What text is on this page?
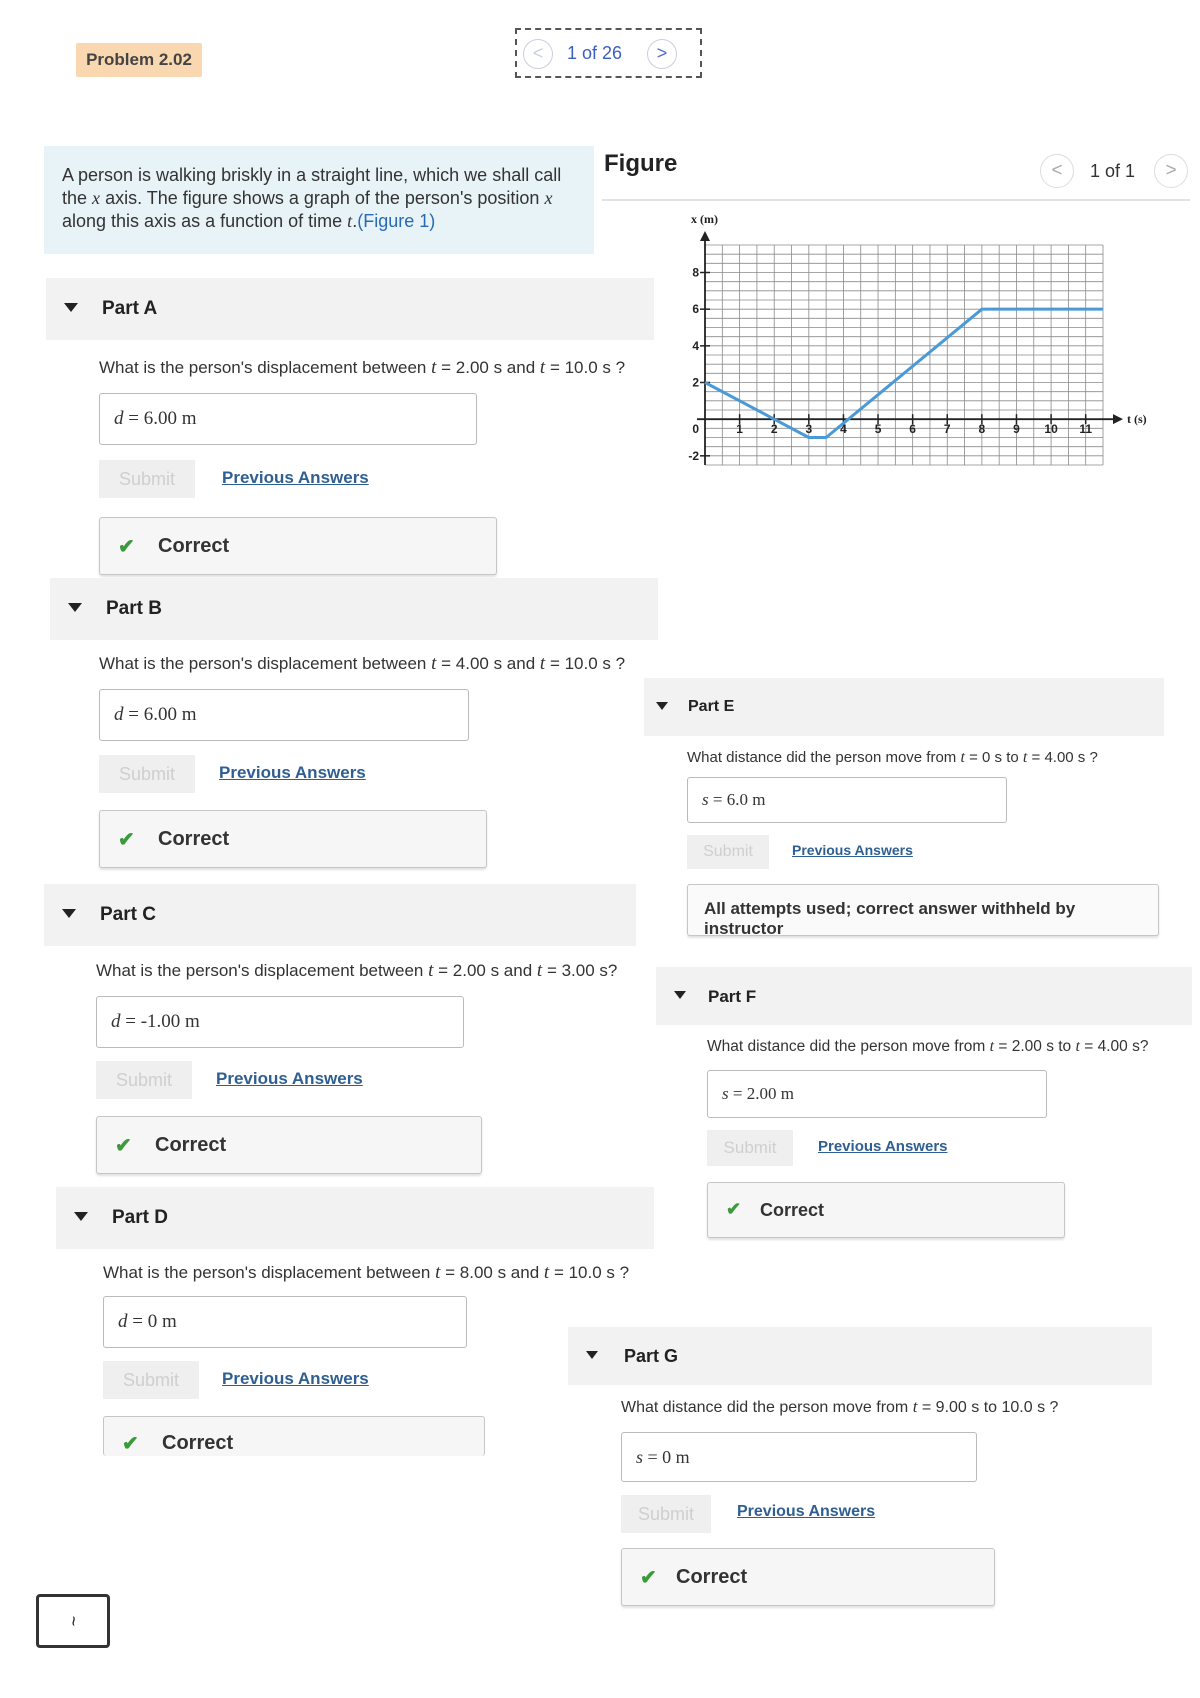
Problem 2.02	<	1 of 26	>
A person is walking briskly in a straight line, which we shall call
the x axis. The figure shows a graph of the person's position x
along this axis as a function of time t.(Figure 1)
Figure	<	1 of 1	>
1 2 3 4 5 6 7 8 9 10 11
8
6
4
2
0
-2
x (m)
t (s)
Part A
What is the person's displacement between t = 2.00 s and t = 10.0 s ?
d = 6.00 m
Submit	Previous Answers
✔ Correct
Part B
What is the person's displacement between t = 4.00 s and t = 10.0 s ?
d = 6.00 m
Submit	Previous Answers
✔ Correct
Part C
What is the person's displacement between t = 2.00 s and t = 3.00 s?
d = -1.00 m
Submit	Previous Answers
✔ Correct
Part D
What is the person's displacement between t = 8.00 s and t = 10.0 s ?
d = 0 m
Submit	Previous Answers
✔ Correct
Part E
What distance did the person move from t = 0 s to t = 4.00 s ?
s = 6.0 m
Submit	Previous Answers
All attempts used; correct answer withheld by instructor
Part F
What distance did the person move from t = 2.00 s to t = 4.00 s?
s = 2.00 m
Submit	Previous Answers
✔ Correct
Part G
What distance did the person move from t = 9.00 s to 10.0 s ?
s = 0 m
Submit	Previous Answers
✔ Correct
~
